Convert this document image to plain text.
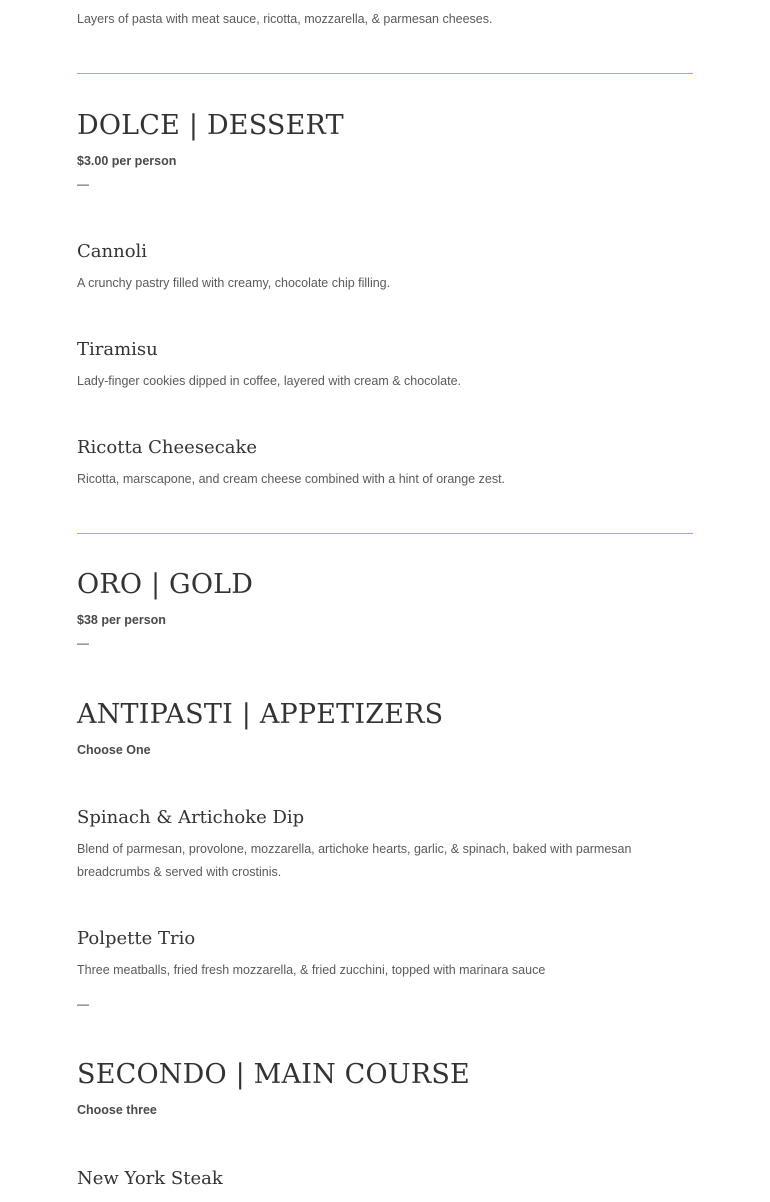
Layers of pasta with meat sauce, ricotta, mozzarella, & parmesan cheeses.

DOLCE | DESSERT

$3.00 per person

—

Cannoli

A crunchy pastry filled with creamy, chocolate chip filling.

Tiramisu

Lady-finger cookies dipped in coffee, layered with cream & chocolate.

Ricotta Cheesecake

Ricotta, marscapone, and cream cheese combined with a hint of orange zest.

ORO | GOLD

$38 per person

—

ANTIPASTI | APPETIZERS

Choose One

Spinach & Artichoke Dip

Blend of parmesan, provolone, mozzarella, artichoke hearts, garlic, & spinach, baked with parmesan breadcrumbs & served with crostinis.

Polpette Trio

Three meatballs, fried fresh mozzarella, & fried zucchini, topped with marinara sauce

—

SECONDO | MAIN COURSE

Choose three

New York Steak
